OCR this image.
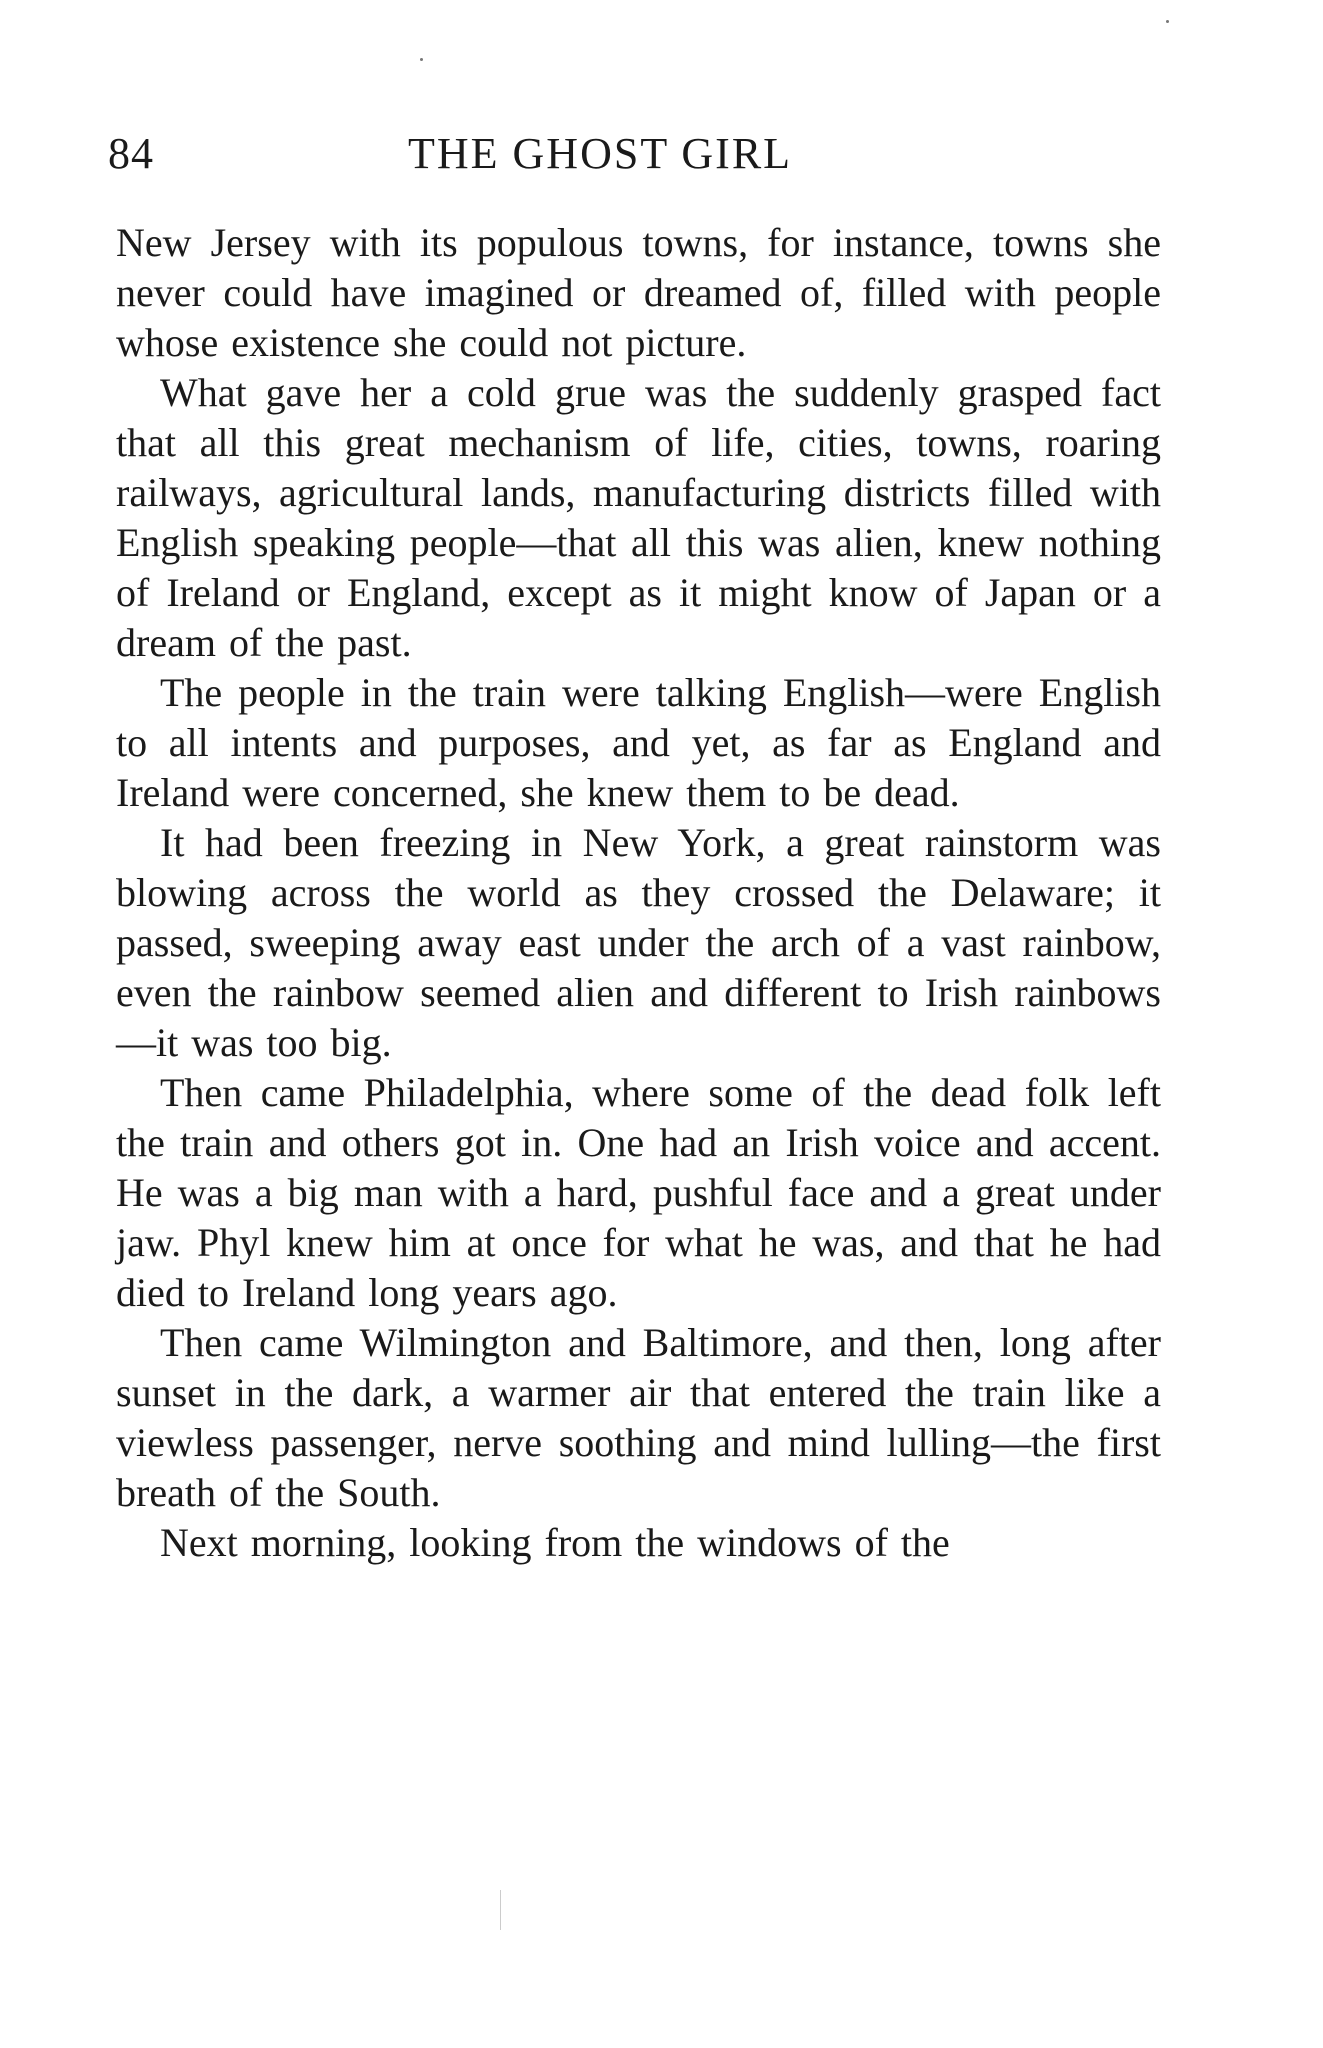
84	THE GHOST GIRL

New Jersey with its populous towns, for instance, towns she never could have imagined or dreamed of, filled with people whose existence she could not picture.

What gave her a cold grue was the suddenly grasped fact that all this great mechanism of life, cities, towns, roaring railways, agricultural lands, manufacturing districts filled with English speaking people—that all this was alien, knew nothing of Ireland or England, except as it might know of Japan or a dream of the past.

The people in the train were talking English—were English to all intents and purposes, and yet, as far as England and Ireland were concerned, she knew them to be dead.

It had been freezing in New York, a great rainstorm was blowing across the world as they crossed the Delaware; it passed, sweeping away east under the arch of a vast rainbow, even the rainbow seemed alien and different to Irish rainbows—it was too big.

Then came Philadelphia, where some of the dead folk left the train and others got in. One had an Irish voice and accent. He was a big man with a hard, pushful face and a great under jaw. Phyl knew him at once for what he was, and that he had died to Ireland long years ago.

Then came Wilmington and Baltimore, and then, long after sunset in the dark, a warmer air that entered the train like a viewless passenger, nerve soothing and mind lulling—the first breath of the South.

Next morning, looking from the windows of the
